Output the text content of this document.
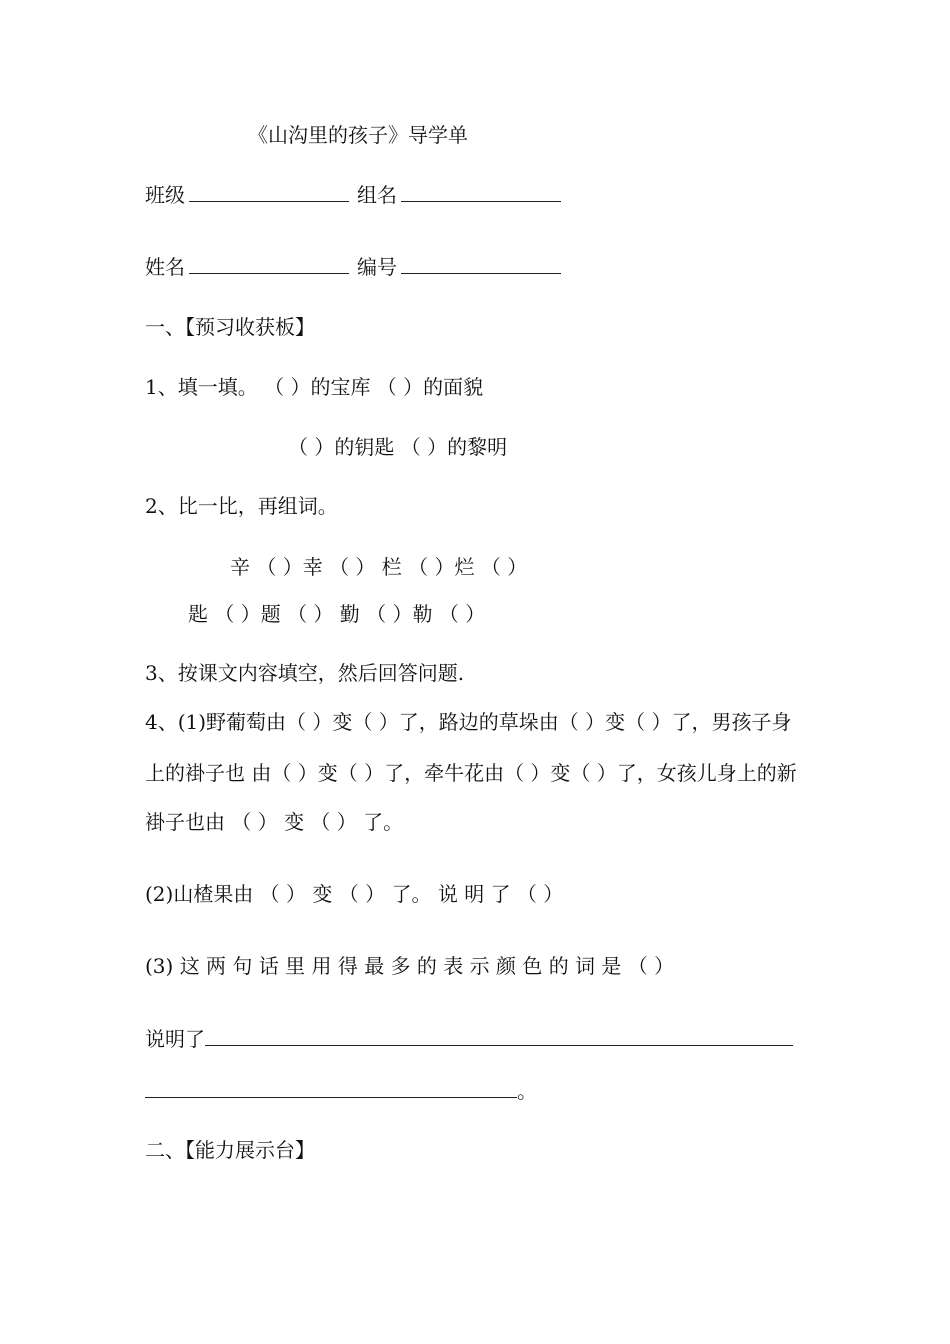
《山沟里的孩子》导学单
班级	组名
姓名	编号
一、【预习收获板】
1、填一填。 （ ）的宝库 （ ）的面貌
（ ）的钥匙 （ ）的黎明
2、比一比，再组词。
辛 （ ）幸 （ ） 栏 （ ）烂 （ ）
匙 （ ）题 （ ） 勤 （ ）勒 （ ）
3、按课文内容填空，然后回答问题.
4、(1)野葡萄由（ ）变（ ）了，路边的草垛由（ ）变（ ）了，男孩子身
上的褂子也 由（ ）变（ ）了，牵牛花由（ ）变（ ）了，女孩儿身上的新
褂子也由 （ ） 变 （ ） 了。
(2)山楂果由 （ ） 变 （ ） 了。 说 明 了 （ ）
(3) 这 两 句 话 里 用 得 最 多 的 表 示 颜 色 的 词 是 （ ）
说明了
。
二、【能力展示台】
